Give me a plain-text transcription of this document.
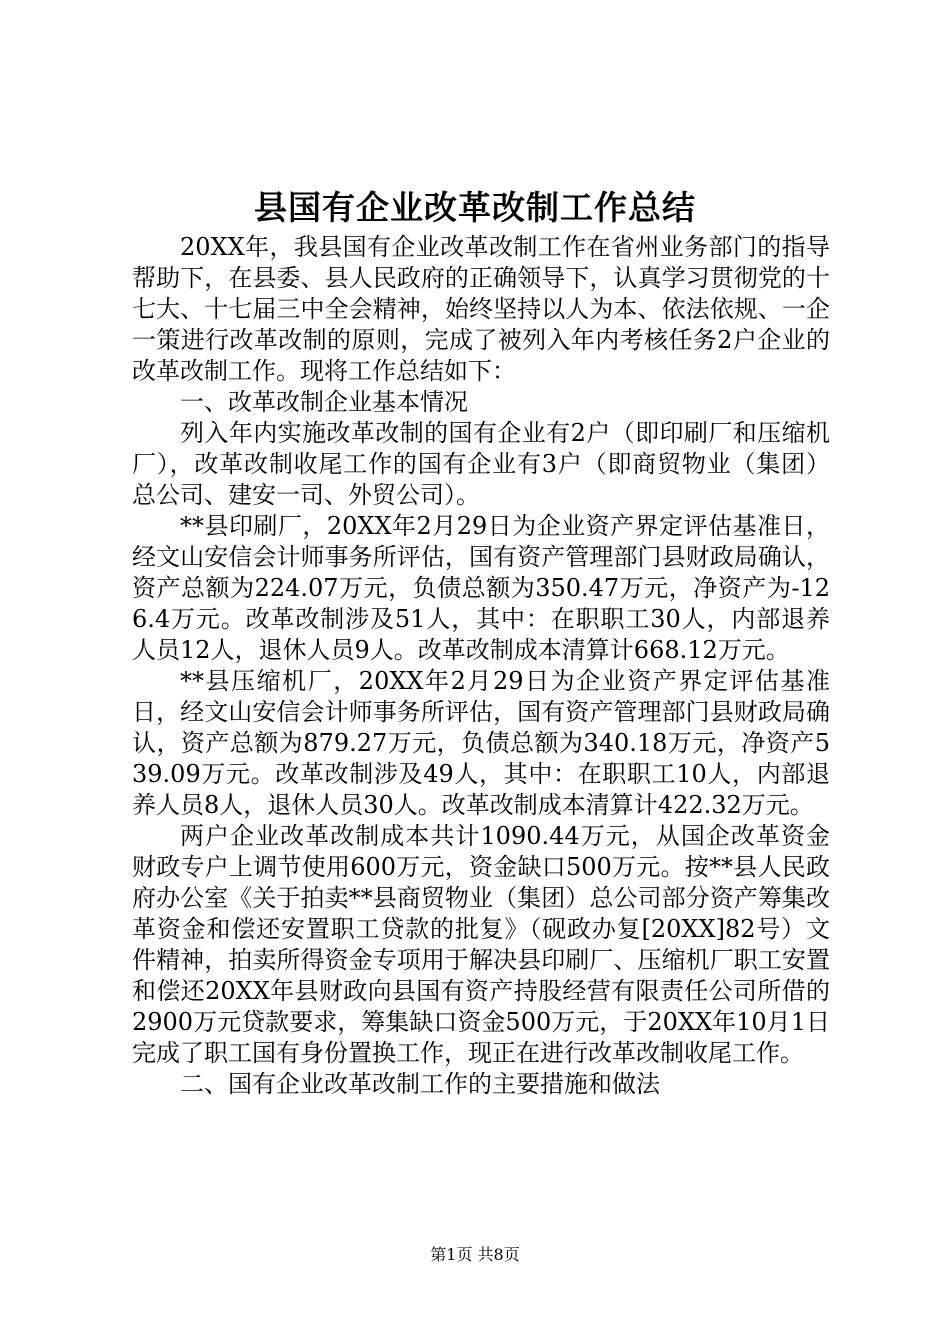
县国有企业改革改制工作总结

20XX年，我县国有企业改革改制工作在省州业务部门的指导帮助下，在县委、县人民政府的正确领导下，认真学习贯彻党的十七大、十七届三中全会精神，始终坚持以人为本、依法依规、一企一策进行改革改制的原则，完成了被列入年内考核任务2户企业的改革改制工作。现将工作总结如下：

一、改革改制企业基本情况

列入年内实施改革改制的国有企业有2户（即印刷厂和压缩机厂），改革改制收尾工作的国有企业有3户（即商贸物业（集团）总公司、建安一司、外贸公司）。

**县印刷厂，20XX年2月29日为企业资产界定评估基准日，经文山安信会计师事务所评估，国有资产管理部门县财政局确认，资产总额为224.07万元，负债总额为350.47万元，净资产为-126.4万元。改革改制涉及51人，其中：在职职工30人，内部退养人员12人，退休人员9人。改革改制成本清算计668.12万元。

**县压缩机厂，20XX年2月29日为企业资产界定评估基准日，经文山安信会计师事务所评估，国有资产管理部门县财政局确认，资产总额为879.27万元，负债总额为340.18万元，净资产539.09万元。改革改制涉及49人，其中：在职职工10人，内部退养人员8人，退休人员30人。改革改制成本清算计422.32万元。

两户企业改革改制成本共计1090.44万元，从国企改革资金财政专户上调节使用600万元，资金缺口500万元。按**县人民政府办公室《关于拍卖**县商贸物业（集团）总公司部分资产筹集改革资金和偿还安置职工贷款的批复》（砚政办复[20XX]82号）文件精神，拍卖所得资金专项用于解决县印刷厂、压缩机厂职工安置和偿还20XX年县财政向县国有资产持股经营有限责任公司所借的2900万元贷款要求，筹集缺口资金500万元，于20XX年10月1日完成了职工国有身份置换工作，现正在进行改革改制收尾工作。

二、国有企业改革改制工作的主要措施和做法

第1页 共8页
